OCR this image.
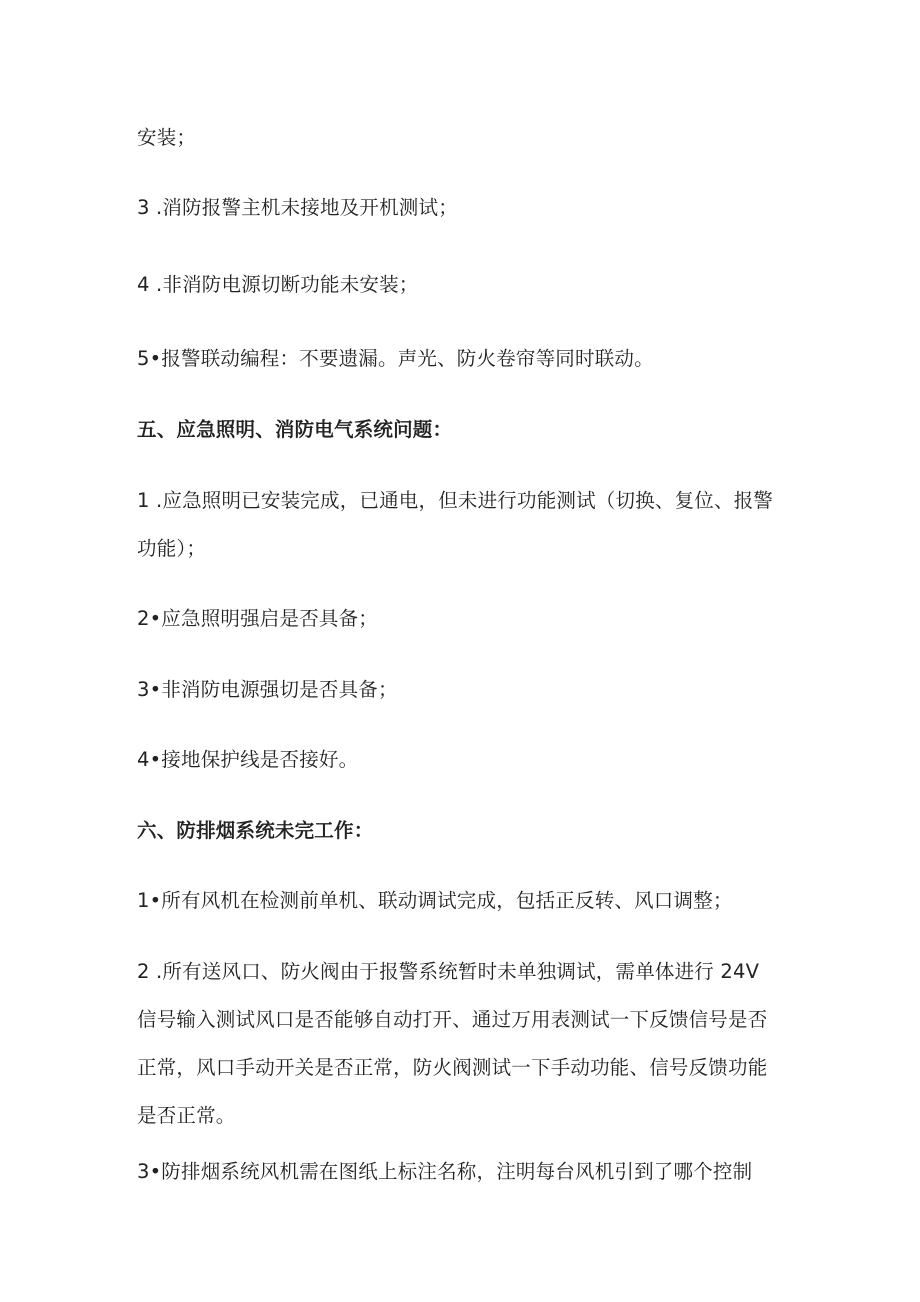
安装；
3 .消防报警主机未接地及开机测试；
4 .非消防电源切断功能未安装；
5•报警联动编程：不要遗漏。声光、防火卷帘等同时联动。
五、应急照明、消防电气系统问题：
1 .应急照明已安装完成，已通电，但未进行功能测试（切换、复位、报警
功能）；
2•应急照明强启是否具备；
3•非消防电源强切是否具备；
4•接地保护线是否接好。
六、防排烟系统未完工作：
1•所有风机在检测前单机、联动调试完成，包括正反转、风口调整；
2 .所有送风口、防火阀由于报警系统暂时未单独调试，需单体进行 24V
信号输入测试风口是否能够自动打开、通过万用表测试一下反馈信号是否
正常，风口手动开关是否正常，防火阀测试一下手动功能、信号反馈功能
是否正常。
3•防排烟系统风机需在图纸上标注名称，注明每台风机引到了哪个控制
